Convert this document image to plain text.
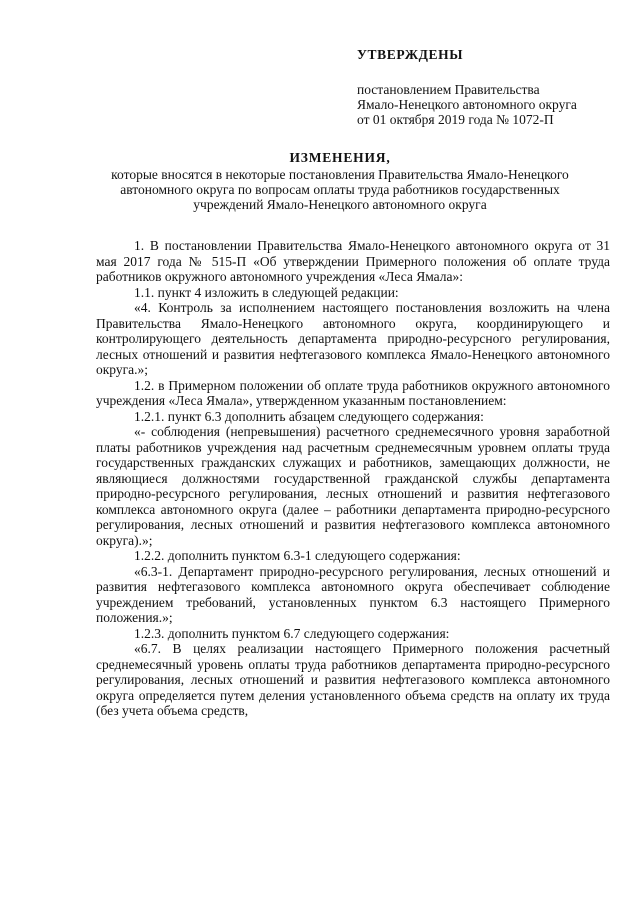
УТВЕРЖДЕНЫ
постановлением Правительства
Ямало-Ненецкого автономного округа
от 01 октября 2019 года № 1072-П
ИЗМЕНЕНИЯ,
которые вносятся в некоторые постановления Правительства Ямало-Ненецкого
автономного округа по вопросам оплаты труда работников государственных
учреждений Ямало-Ненецкого автономного округа

1. В постановлении Правительства Ямало-Ненецкого автономного округа от 31 мая 2017 года № 515-П «Об утверждении Примерного положения об оплате труда работников окружного автономного учреждения «Леса Ямала»:

1.1. пункт 4 изложить в следующей редакции:

«4. Контроль за исполнением настоящего постановления возложить на члена Правительства Ямало-Ненецкого автономного округа, координирующего и контролирующего деятельность департамента природно-ресурсного регулирования, лесных отношений и развития нефтегазового комплекса Ямало-Ненецкого автономного округа.»;

1.2. в Примерном положении об оплате труда работников окружного автономного учреждения «Леса Ямала», утвержденном указанным постановлением:

1.2.1. пункт 6.3 дополнить абзацем следующего содержания:

«- соблюдения (непревышения) расчетного среднемесячного уровня заработной платы работников учреждения над расчетным среднемесячным уровнем оплаты труда государственных гражданских служащих и работников, замещающих должности, не являющиеся должностями государственной гражданской службы департамента природно-ресурсного регулирования, лесных отношений и развития нефтегазового комплекса автономного округа (далее – работники департамента природно-ресурсного регулирования, лесных отношений и развития нефтегазового комплекса автономного округа).»;

1.2.2. дополнить пунктом 6.3-1 следующего содержания:

«6.3-1. Департамент природно-ресурсного регулирования, лесных отношений и развития нефтегазового комплекса автономного округа обеспечивает соблюдение учреждением требований, установленных пунктом 6.3 настоящего Примерного положения.»;

1.2.3. дополнить пунктом 6.7 следующего содержания:

«6.7. В целях реализации настоящего Примерного положения расчетный среднемесячный уровень оплаты труда работников департамента природно-ресурсного регулирования, лесных отношений и развития нефтегазового комплекса автономного округа определяется путем деления установленного объема средств на оплату их труда (без учета объема средств,
